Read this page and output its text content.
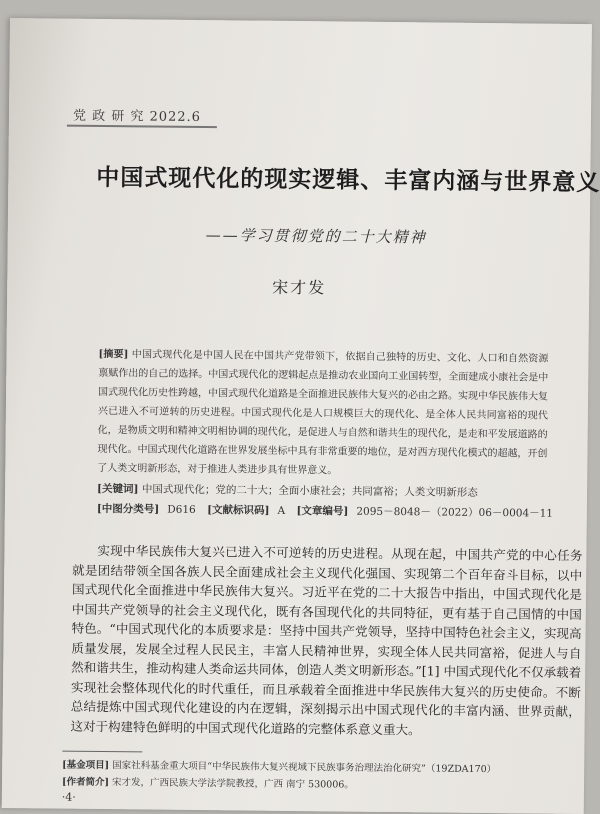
党 政 研 究 2022.6
中国式现代化的现实逻辑、丰富内涵与世界意义
——学习贯彻党的二十大精神
宋才发
[摘要] 中国式现代化是中国人民在中国共产党带领下，依据自己独特的历史、文化、人口和自然资源禀赋作出的自己的选择。中国式现代化的逻辑起点是推动农业国向工业国转型，全面建成小康社会是中国式现代化历史性跨越，中国式现代化道路是全面推进民族伟大复兴的必由之路。实现中华民族伟大复兴已进入不可逆转的历史进程。中国式现代化是人口规模巨大的现代化、是全体人民共同富裕的现代化，是物质文明和精神文明相协调的现代化，是促进人与自然和谐共生的现代化，是走和平发展道路的现代化。中国式现代化道路在世界发展坐标中具有非常重要的地位，是对西方现代化模式的超越，开创了人类文明新形态，对于推进人类进步具有世界意义。
[关键词] 中国式现代化；党的二十大；全面小康社会；共同富裕；人类文明新形态
[中图分类号] D616 [文献标识码] A [文章编号] 2095－8048－（2022）06－0004－11
实现中华民族伟大复兴已进入不可逆转的历史进程。从现在起，中国共产党的中心任务就是团结带领全国各族人民全面建成社会主义现代化强国、实现第二个百年奋斗目标，以中国式现代化全面推进中华民族伟大复兴。习近平在党的二十大报告中指出，中国式现代化是中国共产党领导的社会主义现代化，既有各国现代化的共同特征，更有基于自己国情的中国特色。“中国式现代化的本质要求是：坚持中国共产党领导，坚持中国特色社会主义，实现高质量发展，发展全过程人民民主，丰富人民精神世界，实现全体人民共同富裕，促进人与自然和谐共生，推动构建人类命运共同体，创造人类文明新形态。”[1] 中国式现代化不仅承载着实现社会整体现代化的时代重任，而且承载着全面推进中华民族伟大复兴的历史使命。不断总结提炼中国式现代化建设的内在逻辑，深刻揭示出中国式现代化的丰富内涵、世界贡献，这对于构建特色鲜明的中国式现代化道路的完整体系意义重大。
[基金项目] 国家社科基金重大项目“中华民族伟大复兴视域下民族事务治理法治化研究”（19ZDA170）
[作者简介] 宋才发，广西民族大学法学院教授，广西 南宁 530006。
·4·
